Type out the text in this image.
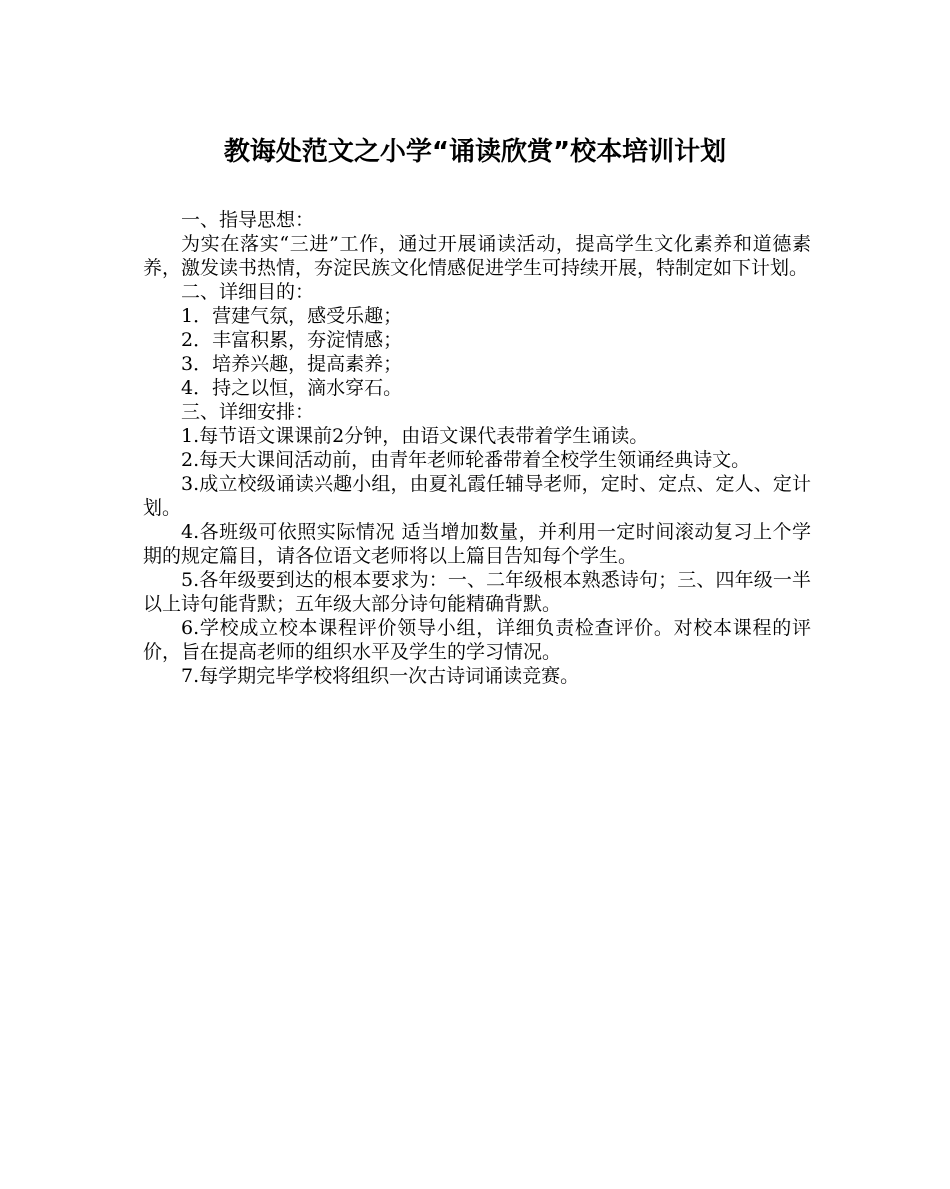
教诲处范文之小学“诵读欣赏”校本培训计划

一、指导思想：

为实在落实“三进”工作，通过开展诵读活动，提高学生文化素养和道德素养，激发读书热情，夯淀民族文化情感促进学生可持续开展，特制定如下计划。

二、详细目的：

1．营建气氛，感受乐趣；

2．丰富积累，夯淀情感；

3．培养兴趣，提高素养；

4．持之以恒，滴水穿石。

三、详细安排：

1.每节语文课课前2分钟，由语文课代表带着学生诵读。

2.每天大课间活动前，由青年老师轮番带着全校学生领诵经典诗文。

3.成立校级诵读兴趣小组，由夏礼霞任辅导老师，定时、定点、定人、定计划。

4.各班级可依照实际情况 适当增加数量，并利用一定时间滚动复习上个学期的规定篇目，请各位语文老师将以上篇目告知每个学生。

5.各年级要到达的根本要求为：一、二年级根本熟悉诗句；三、四年级一半以上诗句能背默；五年级大部分诗句能精确背默。

6.学校成立校本课程评价领导小组，详细负责检查评价。对校本课程的评价，旨在提高老师的组织水平及学生的学习情况。

7.每学期完毕学校将组织一次古诗词诵读竞赛。
